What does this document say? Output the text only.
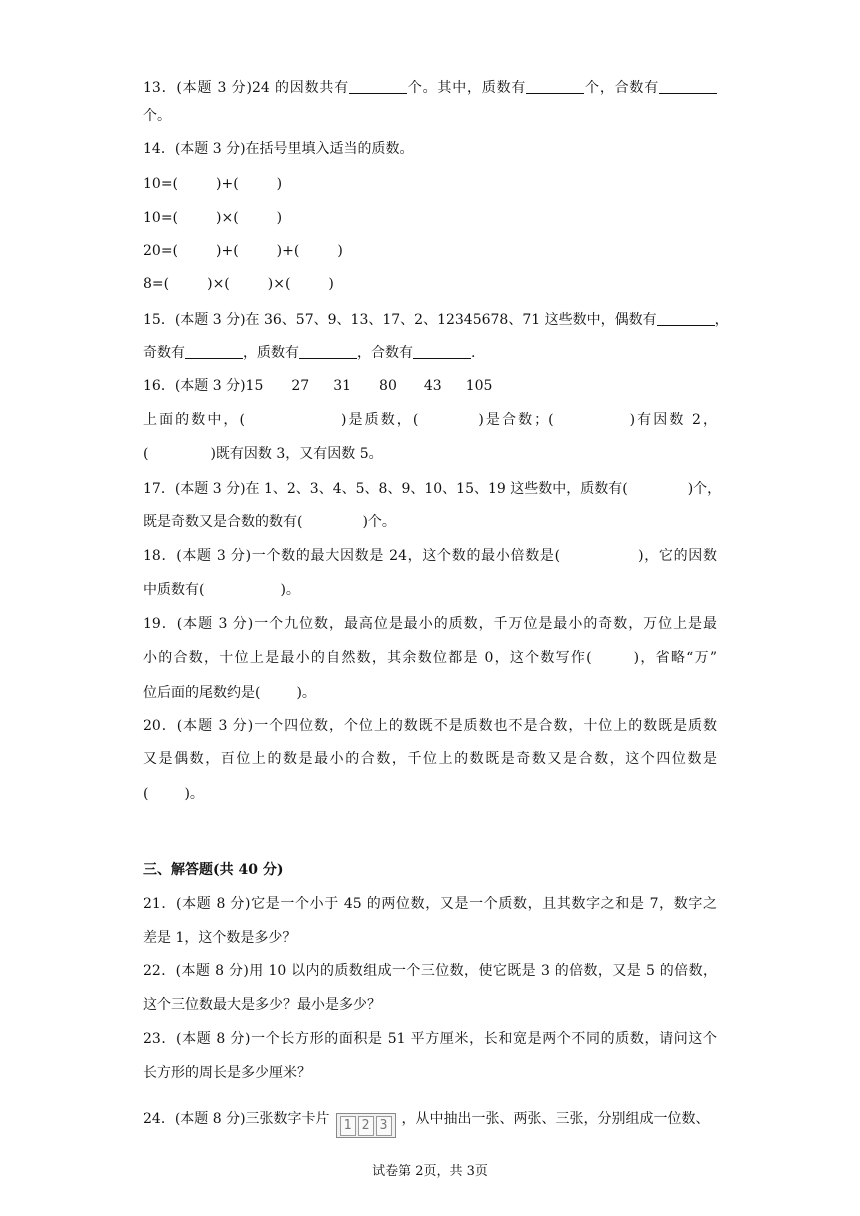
13．(本题 3 分)24 的因数共有	个。其中，质数有	个，合数有
个。
14．(本题 3 分)在括号里填入适当的质数。
10=(	)+(	)
10=(	)×(	)
20=(	)+(	)+(	)
8=(	)×(	)×(	)
15．(本题 3 分)在 36、57、9、13、17、2、12345678、71 这些数中，偶数有	，
奇数有	，质数有	，合数有	.
16．(本题 3 分)15 27 31 80 43 105
上面的数中，(	)是质数，(	)是合数；(	)有因数 2，
(	)既有因数 3，又有因数 5。
17．(本题 3 分)在 1、2、3、4、5、8、9、10、15、19 这些数中，质数有(	)个，
既是奇数又是合数的数有(	)个。
18．(本题 3 分)一个数的最大因数是 24，这个数的最小倍数是(	)，它的因数
中质数有(	)。
19．(本题 3 分)一个九位数，最高位是最小的质数，千万位是最小的奇数，万位上是最
小的合数，十位上是最小的自然数，其余数位都是 0，这个数写作(	)，省略“万”
位后面的尾数约是(	)。
20．(本题 3 分)一个四位数，个位上的数既不是质数也不是合数，十位上的数既是质数
又是偶数，百位上的数是最小的合数，千位上的数既是奇数又是合数，这个四位数是
(	)。
三、解答题(共 40 分)
21．(本题 8 分)它是一个小于 45 的两位数，又是一个质数，且其数字之和是 7，数字之
差是 1，这个数是多少？
22．(本题 8 分)用 10 以内的质数组成一个三位数，使它既是 3 的倍数，又是 5 的倍数，
这个三位数最大是多少？最小是多少？
23．(本题 8 分)一个长方形的面积是 51 平方厘米，长和宽是两个不同的质数，请问这个
长方形的周长是多少厘米？
24．(本题 8 分)三张数字卡片 1 2 3 ，从中抽出一张、两张、三张，分别组成一位数、
试卷第 2页，共 3页
